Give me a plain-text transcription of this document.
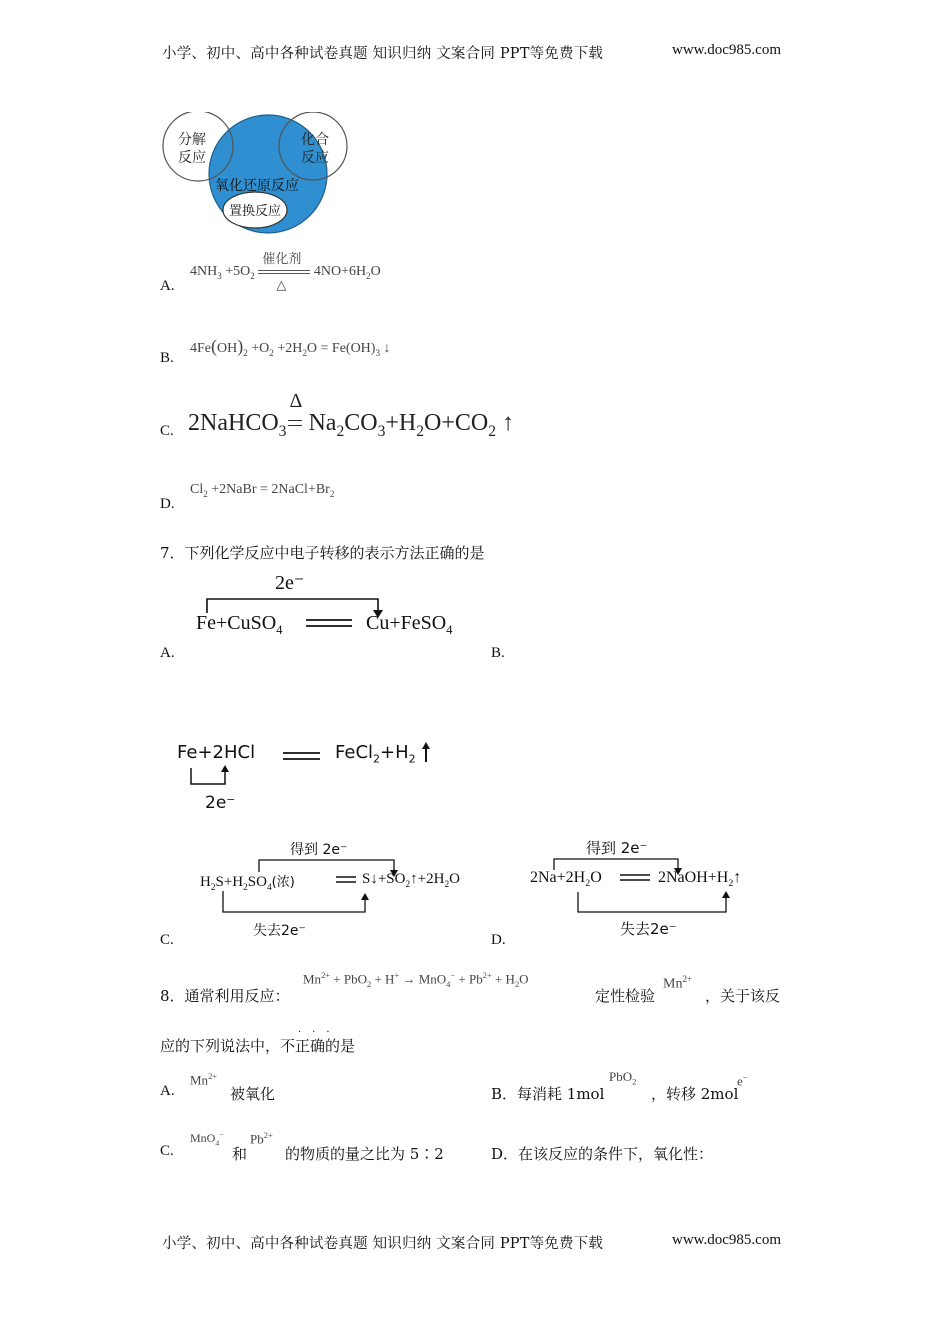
小学、初中、高中各种试卷真题 知识归纳 文案合同 PPT等免费下载	www.doc985.com
分解
反应
化合
反应
氧化还原反应
置换反应
A.
$4NH_3 +5O_2$
催化剂
△
$4NO+6H_2O$
B.
$4Fe(OH)_2 +O_2 +2H_2O = Fe(OH)_3$ ↓
C. 2NaHCO$_3$
Δ
$Na_2CO_3+H_2O+CO_2$ ↑
D.
$Cl_2$ +2NaBr = $2NaCl+Br_2$
7．下列化学反应中电子转移的表示方法正确的是
2e⁻
Fe+CuSO$_4$	Cu+FeSO$_4$
A.	B.
Fe+2HCl	$FeCl_2+H_2$
2e⁻
得到 2e⁻
$H_2S+H_2SO_4$(浓)	$S↓+SO_2↑+2H_2O$
失去2e⁻
C.
得到 2e⁻
$2Na+2H_2O$	$2NaOH+H_2↑$
失去2e⁻
D.
8．通常利用反应：
$Mn^{2+} + PbO_2 + H^+ \to MnO_4^- + Pb^{2+} + H_2O$
定性检验
$Mn^{2+}$
，关于该反
应的下列说法中，不正确的是
···
A.
$Mn^{2+}$
被氧化	B．每消耗 1mol
PbO$_2$
，转移 2mol
e−
C.
MnO$_4$−
和
$Pb^{2+}$
的物质的量之比为 5∶2	D．在该反应的条件下，氧化性：
小学、初中、高中各种试卷真题 知识归纳 文案合同 PPT等免费下载	www.doc985.com
